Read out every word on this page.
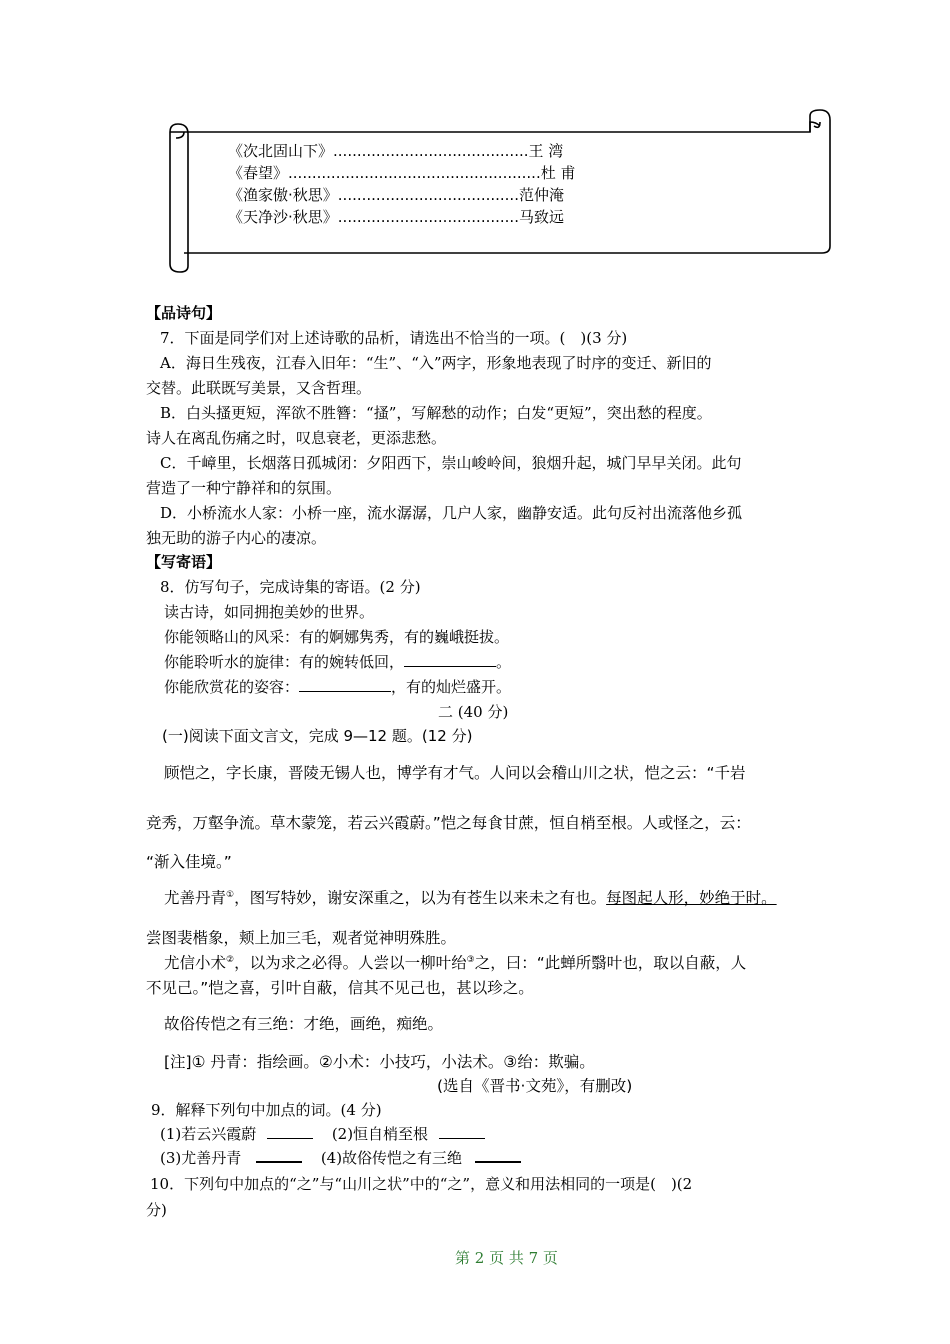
《次北固山下》.........................................王 湾
《春望》.....................................................杜 甫
《渔家傲·秋思》......................................范仲淹
《天净沙·秋思》......................................马致远
【品诗句】
7．下面是同学们对上述诗歌的品析，请选出不恰当的一项。(　)(3 分)
A．海日生残夜，江春入旧年：“生”、“入”两字，形象地表现了时序的变迁、新旧的
交替。此联既写美景，又含哲理。
B．白头搔更短，浑欲不胜簪：“搔”，写解愁的动作；白发“更短”，突出愁的程度。
诗人在离乱伤痛之时，叹息衰老，更添悲愁。
C．千嶂里，长烟落日孤城闭：夕阳西下，崇山峻岭间，狼烟升起，城门早早关闭。此句
营造了一种宁静祥和的氛围。
D．小桥流水人家：小桥一座，流水潺潺，几户人家，幽静安适。此句反衬出流落他乡孤
独无助的游子内心的凄凉。
【写寄语】
8．仿写句子，完成诗集的寄语。(2 分)
读古诗，如同拥抱美妙的世界。
你能领略山的风采：有的婀娜隽秀，有的巍峨挺拔。
你能聆听水的旋律：有的婉转低回，	。
你能欣赏花的姿容：	，有的灿烂盛开。
二 (40 分)
(一)阅读下面文言文，完成 9—12 题。(12 分)
顾恺之，字长康，晋陵无锡人也，博学有才气。人问以会稽山川之状，恺之云：“千岩
竞秀，万壑争流。草木蒙笼，若云兴霞蔚。”恺之每食甘蔗，恒自梢至根。人或怪之，云：
“渐入佳境。”
尤善丹青①，图写特妙，谢安深重之，以为有苍生以来未之有也。每图起人形，妙绝于时。
尝图裴楷象，颊上加三毛，观者觉神明殊胜。
尤信小术②，以为求之必得。人尝以一柳叶绐③之，曰：“此蝉所翳叶也，取以自蔽，人
不见己。”恺之喜，引叶自蔽，信其不见己也，甚以珍之。
故俗传恺之有三绝：才绝，画绝，痴绝。
[注]① 丹青：指绘画。②小术：小技巧，小法术。③绐：欺骗。
(选自《晋书·文苑》，有删改)
9．解释下列句中加点的词。(4 分)
(1)若云兴霞蔚	(2)恒自梢至根
(3)尤善丹青	(4)故俗传恺之有三绝
10．下列句中加点的“之”与“山川之状”中的“之”，意义和用法相同的一项是(　)(2
分)
第 2 页 共 7 页
